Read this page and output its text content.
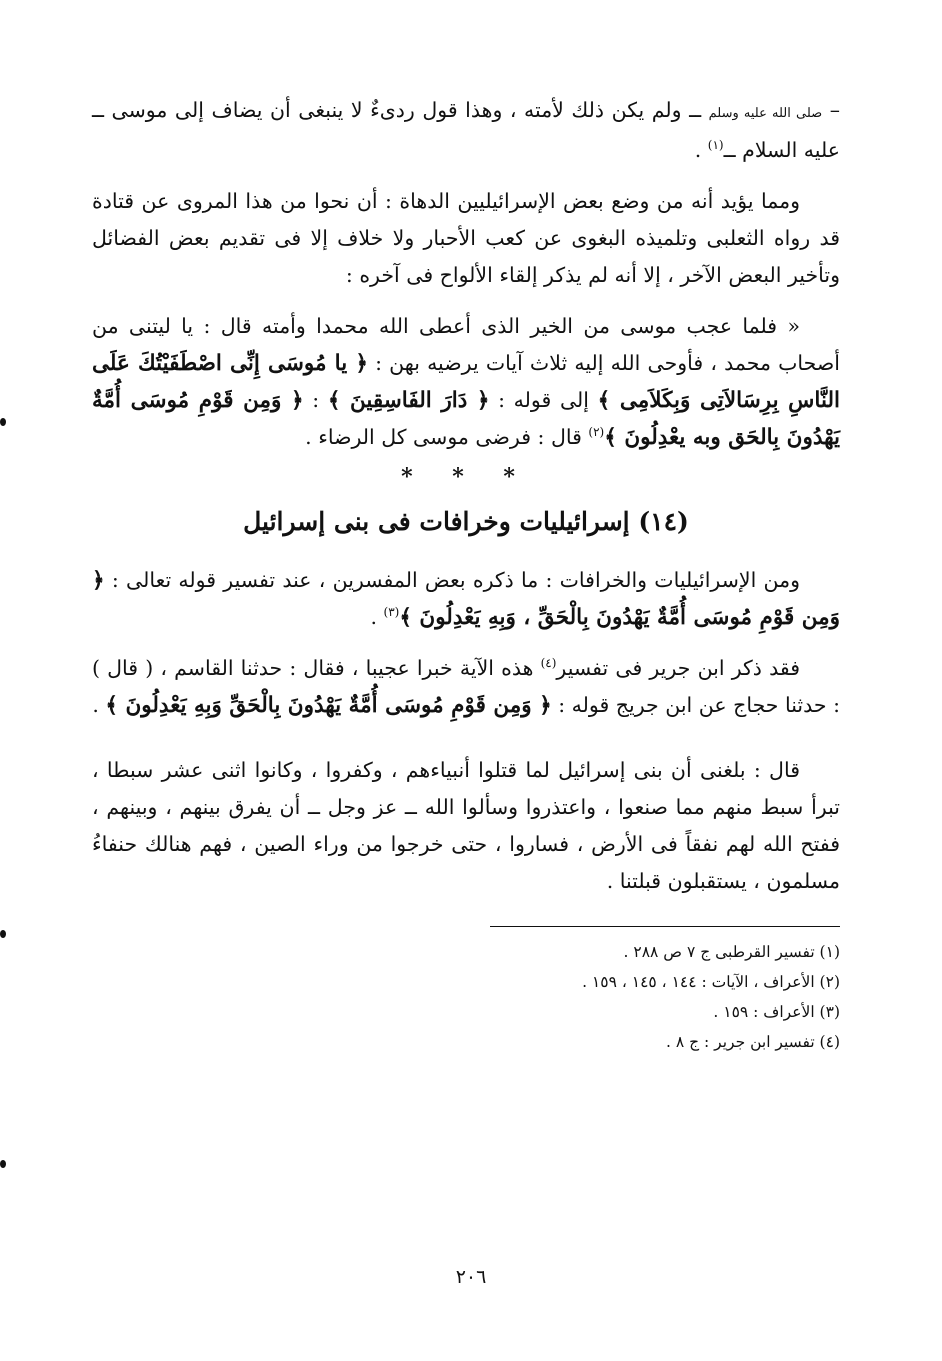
– صلى الله عليه وسلم ــ ولم يكن ذلك لأمته ، وهذا قول ردىءٌ لا ينبغى أن يضاف إلى موسى ــ عليه السلام ــ$^{(١)}$ .

ومما يؤيد أنه من وضع بعض الإسرائيليين الدهاة : أن نحوا من هذا المروى عن قتادة قد رواه الثعلبى وتلميذه البغوى عن كعب الأحبار ولا خلاف إلا فى تقديم بعض الفضائل وتأخير البعض الآخر ، إلا أنه لم يذكر إلقاء الألواح فى آخره :

« فلما عجب موسى من الخير الذى أعطى الله محمدا وأمته قال : يا ليتنى من أصحاب محمد ، فأوحى الله إليه ثلاث آيات يرضيه بهن : ﴿ يا مُوسَى إِنِّى اصْطَفَيْتُكَ عَلَى النَّاسِ بِرِسَالاَتِى وَبِكَلاَمِى ﴾ إلى قوله : ﴿ دَارَ الفَاسِقِينَ ﴾ : ﴿ وَمِن قَوْمِ مُوسَى أُمَّةٌ يَهْدُونَ بِالحَق وبه يعْدِلُونَ ﴾$^{(٢)}$ قال : فرضى موسى كل الرضاء .

* * *
(١٤) إسرائيليات وخرافات فى بنى إسرائيل

ومن الإسرائيليات والخرافات : ما ذكره بعض المفسرين ، عند تفسير قوله تعالى : ﴿ وَمِن قَوْمِ مُوسَى أُمَّةٌ يَهْدُونَ بِالْحَقِّ ، وَبِهِ يَعْدِلُونَ ﴾$^{(٣)}$ .

فقد ذكر ابن جرير فى تفسير$^{(٤)}$ هذه الآية خبرا عجيبا ، فقال : حدثنا القاسم ، ( قال ) : حدثنا حجاج عن ابن جريج قوله : ﴿ وَمِن قَوْمِ مُوسَى أُمَّةٌ يَهْدُونَ بِالْحَقِّ وَبِهِ يَعْدِلُونَ ﴾ .

قال : بلغنى أن بنى إسرائيل لما قتلوا أنبياءهم ، وكفروا ، وكانوا اثنى عشر سبطا ، تبرأ سبط منهم مما صنعوا ، واعتذروا وسألوا الله ــ عز وجل ــ أن يفرق بينهم ، وبينهم ، ففتح الله لهم نفقاً فى الأرض ، فساروا ، حتى خرجوا من وراء الصين ، فهم هنالك حنفاءُ مسلمون ، يستقبلون قبلتنا .

(١) تفسير القرطبى ج ٧ ص ٢٨٨ .

(٢) الأعراف ، الآيات : ١٤٤ ، ١٤٥ ، ١٥٩ .

(٣) الأعراف : ١٥٩ .

(٤) تفسير ابن جرير : ج ٨ .

٢٠٦
